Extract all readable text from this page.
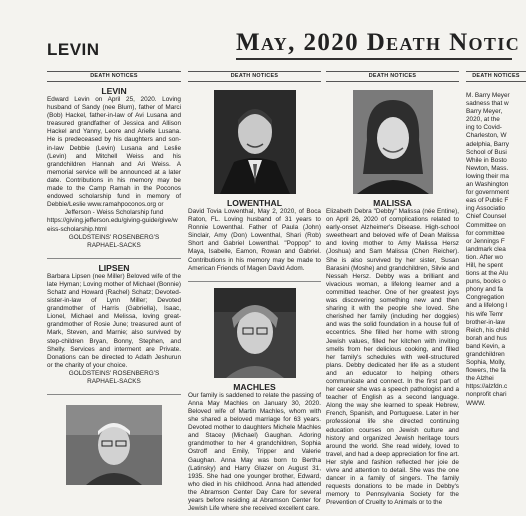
LEVIN	May, 2020 Death Notic
DEATH NOTICES
LEVIN

Edward Levin on April 25, 2020. Loving husband of Sandy (nee Blum), father of Marci (Bob) Hackel, father-in-law of Avi Lusana and treasured grandfather of Jessica and Allison Hackel and Yanny, Leore and Arielle Lusana. He is predeceased by his daughters and son-in-law Debbie (Levin) Lusana and Leslie (Levin) and Mitchell Weiss and his grandchildren Hannah and Ari Weiss. A memorial service will be announced at a later date. Contributions in his memory may be made to the Camp Ramah in the Poconos endowed scholarship fund in memory of Debbie/Leslie www.ramahpoconos.org or

Jefferson - Weiss Scholarship fund

https://giving.jefferson.edu/giving-guide/give/weiss-scholarship.html

GOLDSTEINS' ROSENBERG'S

RAPHAEL-SACKS

LIPSEN

Barbara Lipsen (nee Miller) Beloved wife of the late Hyman; Loving mother of Michael (Bonnie) Schatz and Howard (Rachel) Schatz; Devoted-sister-in-law of Lynn Miller; Devoted grandmother of Harris (Gabriella), Isaac, Lionel, Michael and Melissa, loving great-grandmother of Rosie June; treasured aunt of Mark, Steven, and Marnie; also survived by step-children Bryan, Bonny, Stephen, and Shelly. Services and interment are Private. Donations can be directed to Adath Jeshurun or the charity of your choice.

GOLDSTEINS' ROSENBERG'S

RAPHAEL-SACKS

DEATH NOTICES
LOWENTHAL

David Tovia Lowenthal, May 2, 2020, of Boca Raton, FL. Loving husband of 31 years to Ronnie Lowenthal. Father of Paula (John) Sinclair, Amy (Don) Lowenthal, Shari (Rob) Short and Gabriel Lowenthal. "Poppop" to Maya, Isabelle, Eamon, Rowan and Gabriel. Contributions in his memory may be made to American Friends of Magen David Adom.

MACHLES

Our family is saddened to relate the passing of Anna May Machles on January 30, 2020. Beloved wife of Martin Machles, whom with she shared a beloved marriage for 63 years. Devoted mother to daughters Michele Machles and Stacey (Michael) Gaughan. Adoring grandmother to her 4 grandchildren, Sophia Ostroff and Emily, Tripper and Valerie Gaughan. Anna May was born to Bertha (Latinsky) and Harry Glazer on August 31, 1935. She had one younger brother, Edward, who died in his childhood. Anna had attended the Abramson Center Day Care for several years before residing at Abramson Center for Jewish Life where she received excellent care.

DEATH NOTICES
MALISSA

Elizabeth Debra "Debby" Malissa (née Entine), on April 26, 2020 of complications related to early-onset Alzheimer's Disease. High-school sweetheart and beloved wife of Dean Malissa and loving mother to Amy Malissa Hersz (Joshua) and Sam Malissa (Chen Reicher). She is also survived by her sister, Susan Barasini (Moshe) and grandchildren, Silvie and Nessah Hersz. Debby was a brilliant and vivacious woman, a lifelong learner and a committed teacher. One of her greatest joys was discovering something new and then sharing it with the people she loved. She cherished her family (including her doggies) and was the solid foundation in a house full of eccentrics. She filled her home with strong Jewish values, filled her kitchen with inviting smells from her delicious cooking, and filled her family's schedules with well-structured plans. Debby dedicated her life as a student and an educator to helping others communicate and connect. In the first part of her career she was a speech pathologist and a teacher of English as a second language. Along the way she learned to speak Hebrew, French, Spanish, and Portuguese. Later in her professional life she directed continuing education courses on Jewish culture and history and organized Jewish heritage tours around the world. She read widely, loved to travel, and had a deep appreciation for fine art. Her style and fashion reflected her joie de vivre and attention to detail. She was the one dancer in a family of singers. The family requests donations to be made in Debby's memory to Pennsylvania Society for the Prevention of Cruelty to Animals or to the

DEATH NOTICES
M. Barry Meyer
sadness that w
Barry Meyer,
2020, at the
ing to Covid-
Charleston, W
adelphia, Barry
School of Busi
While in Bosto
Newton, Mass.
lowing their ma
an Washington
for government
eas of Public F
ing Associatio
Chief Counsel
Committee on
for committee
or Jennings F
landmark clea
tion. After wo
Hill, he spent
tions at the Alu
puns, books o
phony and fa
Congregation
and a lifelong l
his wife Temr
brother-in-law
Reich, his child
borah and hus
band Kevin, a
grandchildren
Sophia, Molly,
flowers, the fa
the Alzhei
https://alzfdn.c
nonprofit chari
WWW.
